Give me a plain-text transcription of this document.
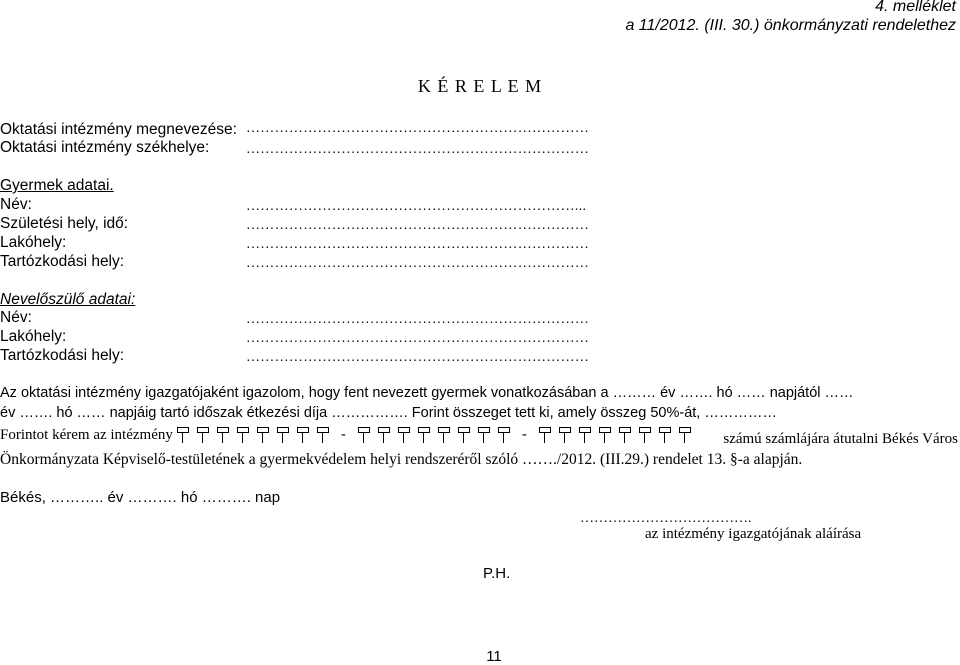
4. melléklet
a 11/2012. (III. 30.) önkormányzati rendelethez
K É R E L E M
Oktatási intézmény megnevezése: ………………………………………………………………
Oktatási intézmény székhelye:	………………………………………………………………
Gyermek adatai.
Név:	……………………………………………………………...
Születési hely, idő:	………………………………………………………………
Lakóhely:	………………………………………………………………
Tartózkodási hely:	………………………………………………………………
Nevelőszülő adatai:
Név:	………………………………………………………………
Lakóhely:	………………………………………………………………
Tartózkodási hely:	………………………………………………………………
Az oktatási intézmény igazgatójaként igazolom, hogy fent nevezett gyermek vonatkozásában a ……… év ……. hó …… napjától ……
év ……. hó …… napjáig tartó időszak étkezési díja ……………. Forint összeget tett ki, amely összeg 50%-át, ……………
Forintot kérem az intézmény	-	-	számú számlájára átutalni Békés Város
Önkormányzata Képviselő-testületének a gyermekvédelem helyi rendszeréről szóló ……./2012. (III.29.) rendelet 13. §-a alapján.
Békés, ……….. év ………. hó ………. nap
……………………………….
az intézmény igazgatójának aláírása
P.H.
11
